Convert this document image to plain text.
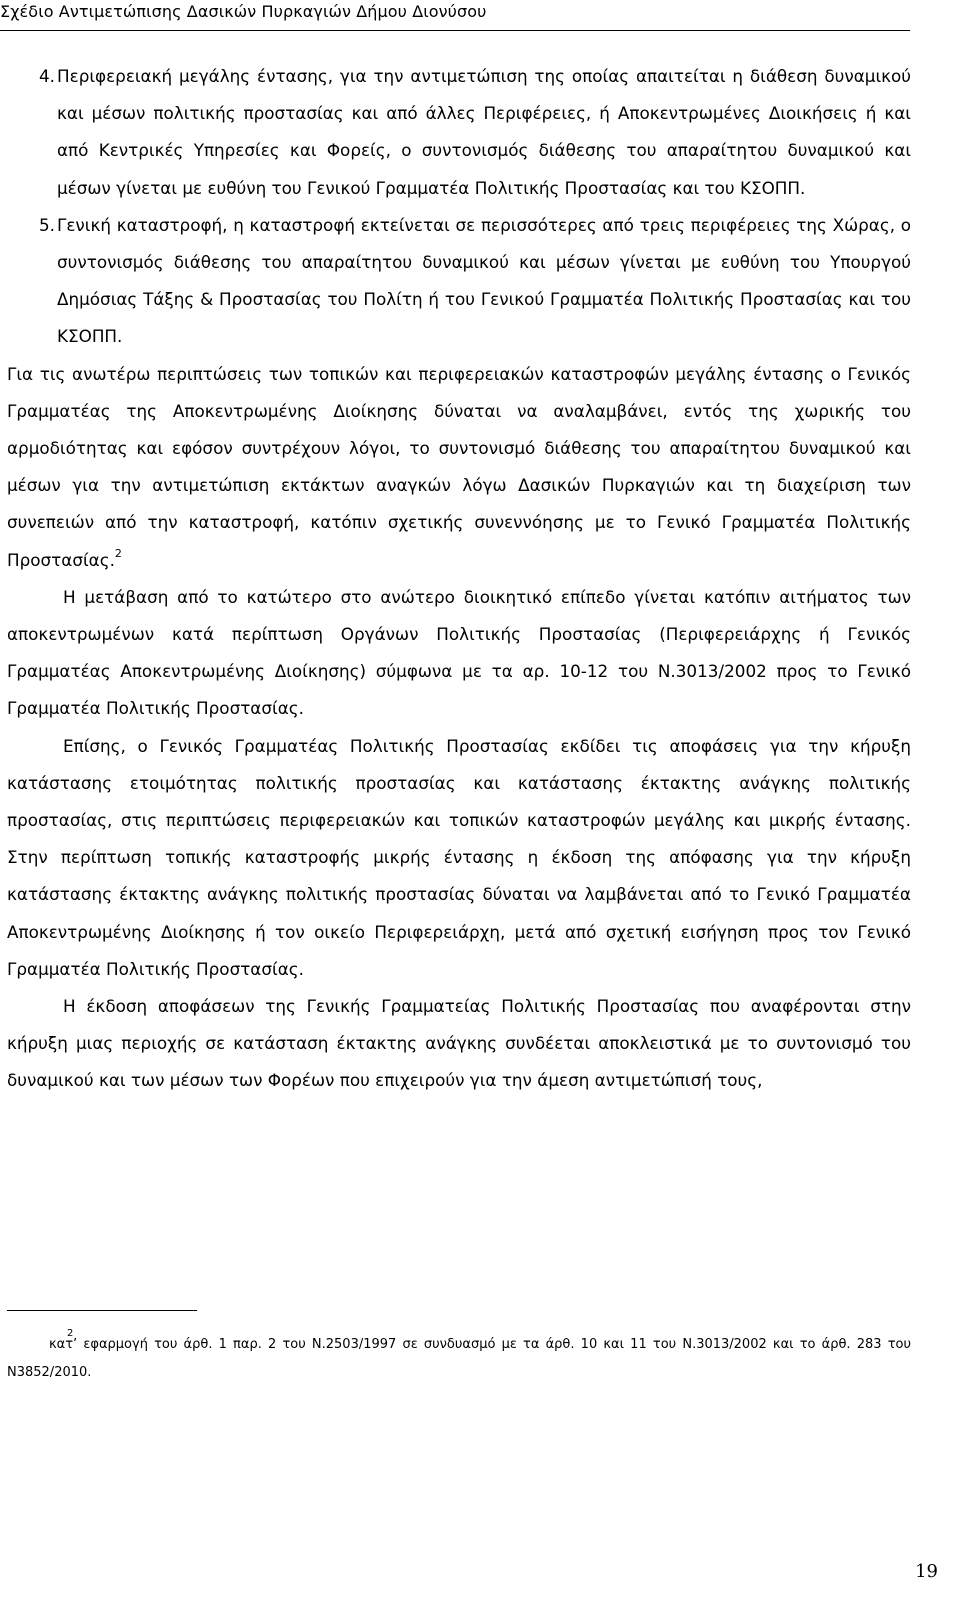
Σχέδιο Αντιμετώπισης Δασικών Πυρκαγιών Δήμου Διονύσου
4. Περιφερειακή μεγάλης έντασης, για την αντιμετώπιση της οποίας απαιτείται η διάθεση δυναμικού και μέσων πολιτικής προστασίας και από άλλες Περιφέρειες, ή Αποκεντρωμένες Διοικήσεις ή και από Κεντρικές Υπηρεσίες και Φορείς, ο συντονισμός διάθεσης του απαραίτητου δυναμικού και μέσων γίνεται με ευθύνη του Γενικού Γραμματέα Πολιτικής Προστασίας και του ΚΣΟΠΠ.
5. Γενική καταστροφή, η καταστροφή εκτείνεται σε περισσότερες από τρεις περιφέρειες της Χώρας, ο συντονισμός διάθεσης του απαραίτητου δυναμικού και μέσων γίνεται με ευθύνη του Υπουργού Δημόσιας Τάξης & Προστασίας του Πολίτη ή του Γενικού Γραμματέα Πολιτικής Προστασίας και του ΚΣΟΠΠ.

Για τις ανωτέρω περιπτώσεις των τοπικών και περιφερειακών καταστροφών μεγάλης έντασης ο Γενικός Γραμματέας της Αποκεντρωμένης Διοίκησης δύναται να αναλαμβάνει, εντός της χωρικής του αρμοδιότητας και εφόσον συντρέχουν λόγοι, το συντονισμό διάθεσης του απαραίτητου δυναμικού και μέσων για την αντιμετώπιση εκτάκτων αναγκών λόγω Δασικών Πυρκαγιών και τη διαχείριση των συνεπειών από την καταστροφή, κατόπιν σχετικής συνεννόησης με το Γενικό Γραμματέα Πολιτικής Προστασίας.$^2$

Η μετάβαση από το κατώτερο στο ανώτερο διοικητικό επίπεδο γίνεται κατόπιν αιτήματος των αποκεντρωμένων κατά περίπτωση Οργάνων Πολιτικής Προστασίας (Περιφερειάρχης ή Γενικός Γραμματέας Αποκεντρωμένης Διοίκησης) σύμφωνα με τα αρ. 10-12 του Ν.3013/2002 προς το Γενικό Γραμματέα Πολιτικής Προστασίας.

Επίσης, ο Γενικός Γραμματέας Πολιτικής Προστασίας εκδίδει τις αποφάσεις για την κήρυξη κατάστασης ετοιμότητας πολιτικής προστασίας και κατάστασης έκτακτης ανάγκης πολιτικής προστασίας, στις περιπτώσεις περιφερειακών και τοπικών καταστροφών μεγάλης και μικρής έντασης. Στην περίπτωση τοπικής καταστροφής μικρής έντασης η έκδοση της απόφασης για την κήρυξη κατάστασης έκτακτης ανάγκης πολιτικής προστασίας δύναται να λαμβάνεται από το Γενικό Γραμματέα Αποκεντρωμένης Διοίκησης ή τον οικείο Περιφερειάρχη, μετά από σχετική εισήγηση προς τον Γενικό Γραμματέα Πολιτικής Προστασίας.

Η έκδοση αποφάσεων της Γενικής Γραμματείας Πολιτικής Προστασίας που αναφέρονται στην κήρυξη μιας περιοχής σε κατάσταση έκτακτης ανάγκης συνδέεται αποκλειστικά με το συντονισμό του δυναμικού και των μέσων των Φορέων που επιχειρούν για την άμεση αντιμετώπισή τους,

2
κατ’ εφαρμογή του άρθ. 1 παρ. 2 του Ν.2503/1997 σε συνδυασμό με τα άρθ. 10 και 11 του Ν.3013/2002 και το άρθ. 283 του Ν3852/2010.
19
